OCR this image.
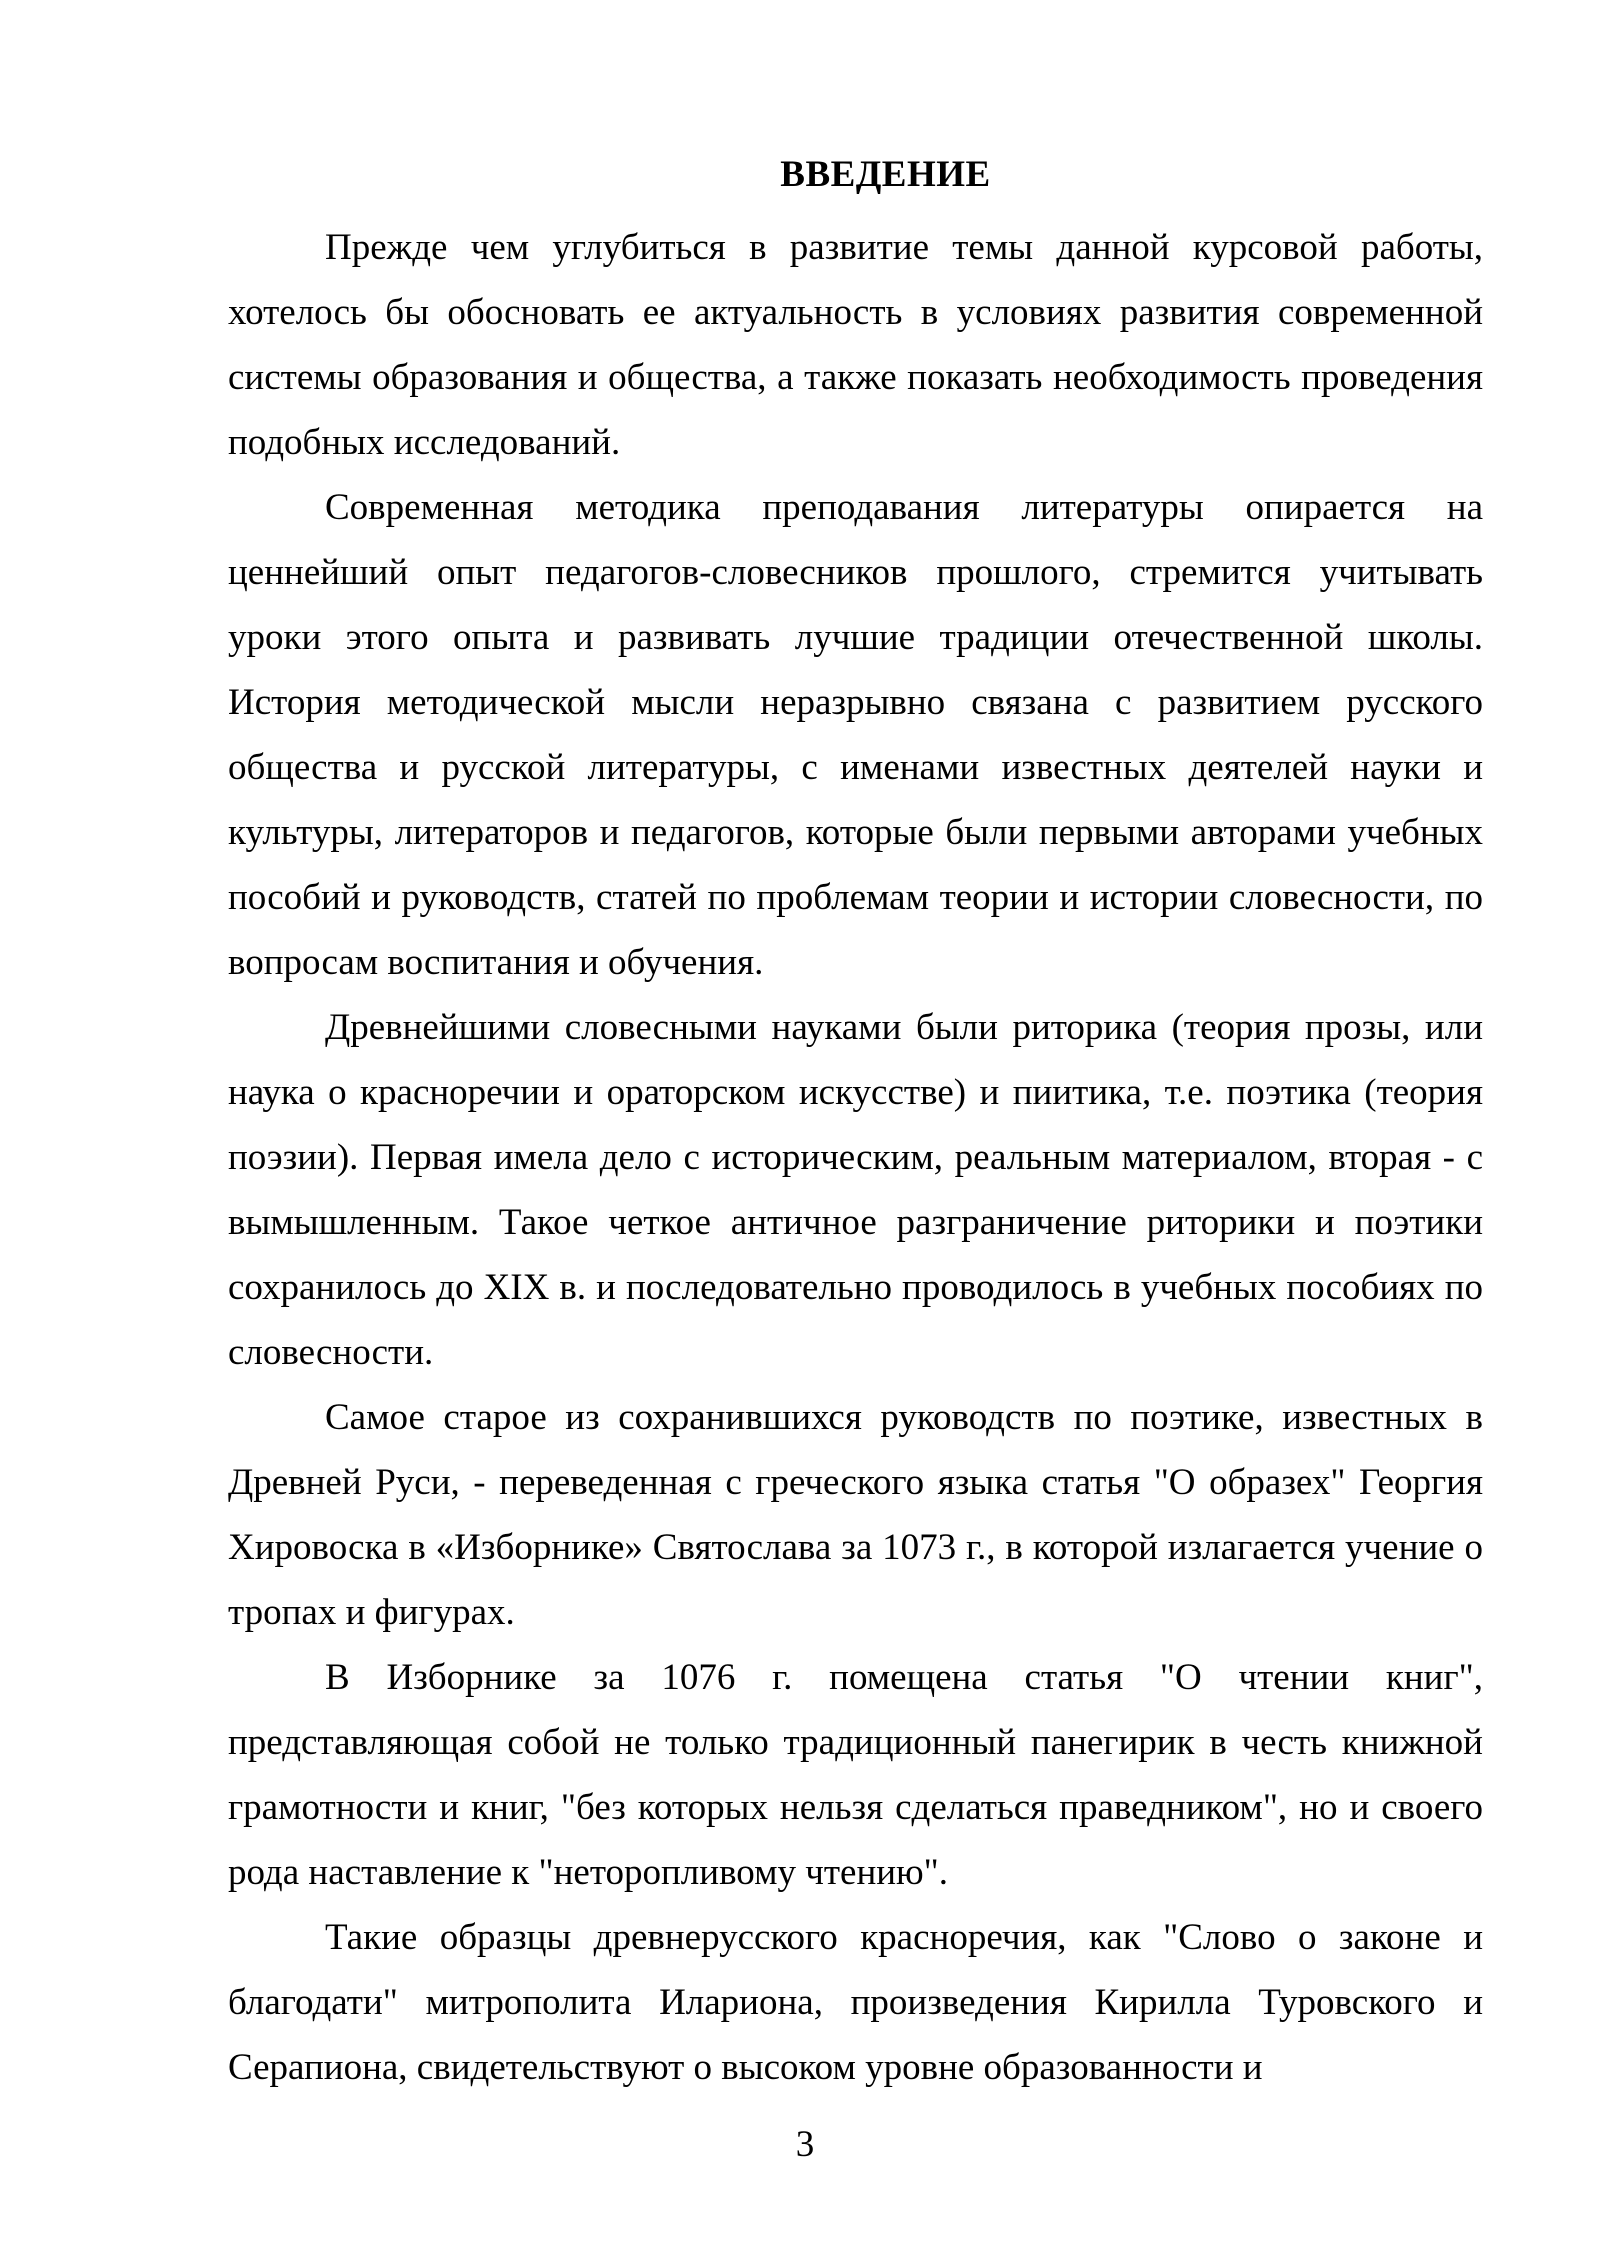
ВВЕДЕНИЕ

Прежде чем углубиться в развитие темы данной курсовой работы, хотелось бы обосновать ее актуальность в условиях развития современной системы образования и общества, а также показать необходимость проведения подобных исследований.

Современная методика преподавания литературы опирается на ценнейший опыт педагогов-словесников прошлого, стремится учитывать уроки этого опыта и развивать лучшие традиции отечественной школы. История методической мысли неразрывно связана с развитием русского общества и русской литературы, с именами известных деятелей науки и культуры, литераторов и педагогов, которые были первыми авторами учебных пособий и руководств, статей по проблемам теории и истории словесности, по вопросам воспитания и обучения.

Древнейшими словесными науками были риторика (теория прозы, или наука о красноречии и ораторском искусстве) и пиитика, т.е. поэтика (теория поэзии). Первая имела дело с историческим, реальным материалом, вторая - с вымышленным. Такое четкое античное разграничение риторики и поэтики сохранилось до XIX в. и последовательно проводилось в учебных пособиях по словесности.

Самое старое из сохранившихся руководств по поэтике, известных в Древней Руси, - переведенная с греческого языка статья "О образех" Георгия Хировоска в «Изборнике» Святослава за 1073 г., в которой излагается учение о тропах и фигурах.

В Изборнике за 1076 г. помещена статья "О чтении книг", представляющая собой не только традиционный панегирик в честь книжной грамотности и книг, "без которых нельзя сделаться праведником", но и своего рода наставление к "неторопливому чтению".

Такие образцы древнерусского красноречия, как "Слово о законе и благодати" митрополита Илариона, произведения Кирилла Туровского и Серапиона, свидетельствуют о высоком уровне образованности и

3
